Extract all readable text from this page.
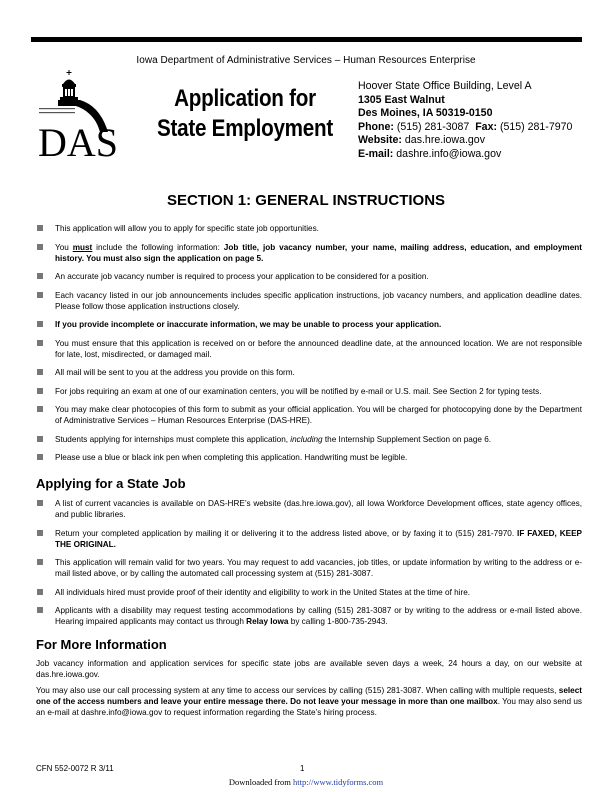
Iowa Department of Administrative Services – Human Resources Enterprise
DAS
Application for
State Employment
Hoover State Office Building, Level A
1305 East Walnut
Des Moines, IA 50319-0150
Phone: (515) 281-3087 Fax: (515) 281-7970
Website: das.hre.iowa.gov
E-mail: dashre.info@iowa.gov
SECTION 1: GENERAL INSTRUCTIONS
This application will allow you to apply for specific state job opportunities.
You must include the following information: Job title, job vacancy number, your name, mailing address, education, and employment history. You must also sign the application on page 5.
An accurate job vacancy number is required to process your application to be considered for a position.
Each vacancy listed in our job announcements includes specific application instructions, job vacancy numbers, and application deadline dates. Please follow those application instructions closely.
If you provide incomplete or inaccurate information, we may be unable to process your application.
You must ensure that this application is received on or before the announced deadline date, at the announced location. We are not responsible for late, lost, misdirected, or damaged mail.
All mail will be sent to you at the address you provide on this form.
For jobs requiring an exam at one of our examination centers, you will be notified by e-mail or U.S. mail. See Section 2 for typing tests.
You may make clear photocopies of this form to submit as your official application. You will be charged for photocopying done by the Department of Administrative Services – Human Resources Enterprise (DAS-HRE).
Students applying for internships must complete this application, including the Internship Supplement Section on page 6.
Please use a blue or black ink pen when completing this application. Handwriting must be legible.
Applying for a State Job
A list of current vacancies is available on DAS-HRE’s website (das.hre.iowa.gov), all Iowa Workforce Development offices, state agency offices, and public libraries.
Return your completed application by mailing it or delivering it to the address listed above, or by faxing it to (515) 281-7970. IF FAXED, KEEP THE ORIGINAL.
This application will remain valid for two years. You may request to add vacancies, job titles, or update information by writing to the address or e-mail listed above, or by calling the automated call processing system at (515) 281-3087.
All individuals hired must provide proof of their identity and eligibility to work in the United States at the time of hire.
Applicants with a disability may request testing accommodations by calling (515) 281-3087 or by writing to the address or e-mail listed above. Hearing impaired applicants may contact us through Relay Iowa by calling 1-800-735-2943.
For More Information

Job vacancy information and application services for specific state jobs are available seven days a week, 24 hours a day, on our website at das.hre.iowa.gov.

You may also use our call processing system at any time to access our services by calling (515) 281-3087. When calling with multiple requests, select one of the access numbers and leave your entire message there. Do not leave your message in more than one mailbox. You may also send us an e-mail at dashre.info@iowa.gov to request information regarding the State’s hiring process.

CFN 552-0072 R 3/11	1
Downloaded from http://www.tidyforms.com
